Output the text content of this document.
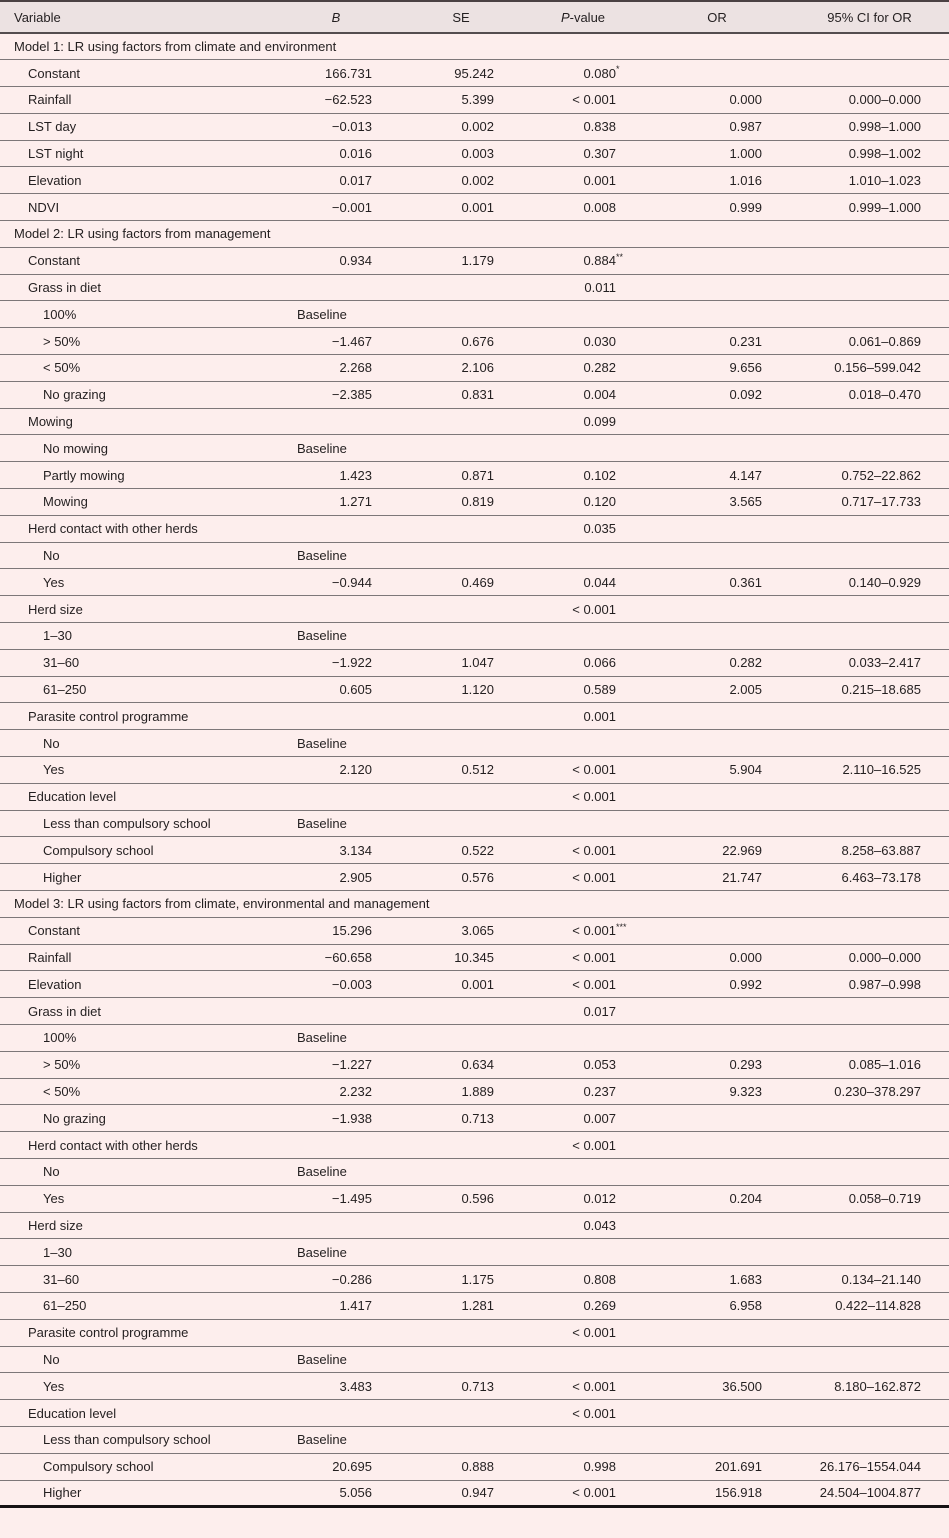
Variable	B	SE	P-value	OR	95% CI for OR
Model 1: LR using factors from climate and environment					
Constant	166.731	95.242	0.080*		
Rainfall	−62.523	5.399	< 0.001	0.000	0.000–0.000
LST day	−0.013	0.002	0.838	0.987	0.998–1.000
LST night	0.016	0.003	0.307	1.000	0.998–1.002
Elevation	0.017	0.002	0.001	1.016	1.010–1.023
NDVI	−0.001	0.001	0.008	0.999	0.999–1.000
Model 2: LR using factors from management					
Constant	0.934	1.179	0.884**		
Grass in diet			0.011		
100%	Baseline				
> 50%	−1.467	0.676	0.030	0.231	0.061–0.869
< 50%	2.268	2.106	0.282	9.656	0.156–599.042
No grazing	−2.385	0.831	0.004	0.092	0.018–0.470
Mowing			0.099		
No mowing	Baseline				
Partly mowing	1.423	0.871	0.102	4.147	0.752–22.862
Mowing	1.271	0.819	0.120	3.565	0.717–17.733
Herd contact with other herds			0.035		
No	Baseline				
Yes	−0.944	0.469	0.044	0.361	0.140–0.929
Herd size			< 0.001		
1–30	Baseline				
31–60	−1.922	1.047	0.066	0.282	0.033–2.417
61–250	0.605	1.120	0.589	2.005	0.215–18.685
Parasite control programme			0.001		
No	Baseline				
Yes	2.120	0.512	< 0.001	5.904	2.110–16.525
Education level			< 0.001		
Less than compulsory school	Baseline				
Compulsory school	3.134	0.522	< 0.001	22.969	8.258–63.887
Higher	2.905	0.576	< 0.001	21.747	6.463–73.178
Model 3: LR using factors from climate, environmental and management					
Constant	15.296	3.065	< 0.001***		
Rainfall	−60.658	10.345	< 0.001	0.000	0.000–0.000
Elevation	−0.003	0.001	< 0.001	0.992	0.987–0.998
Grass in diet			0.017		
100%	Baseline				
> 50%	−1.227	0.634	0.053	0.293	0.085–1.016
< 50%	2.232	1.889	0.237	9.323	0.230–378.297
No grazing	−1.938	0.713	0.007		
Herd contact with other herds			< 0.001		
No	Baseline				
Yes	−1.495	0.596	0.012	0.204	0.058–0.719
Herd size			0.043		
1–30	Baseline				
31–60	−0.286	1.175	0.808	1.683	0.134–21.140
61–250	1.417	1.281	0.269	6.958	0.422–114.828
Parasite control programme			< 0.001		
No	Baseline				
Yes	3.483	0.713	< 0.001	36.500	8.180–162.872
Education level			< 0.001		
Less than compulsory school	Baseline				
Compulsory school	20.695	0.888	0.998	201.691	26.176–1554.044
Higher	5.056	0.947	< 0.001	156.918	24.504–1004.877
